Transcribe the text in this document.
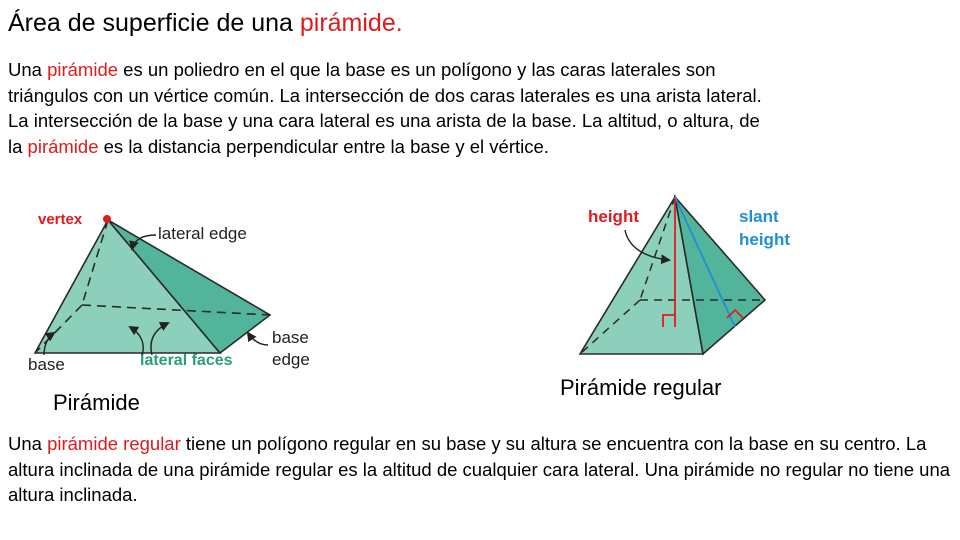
Área de superficie de una pirámide.

Una pirámide es un poliedro en el que la base es un polígono y las caras laterales son triángulos con un vértice común. La intersección de dos caras laterales es una arista lateral. La intersección de la base y una cara lateral es una arista de la base. La altitud, o altura, de la pirámide es la distancia perpendicular entre la base y el vértice.

vertex
lateral edge
base
edge
base	lateral faces

Pirámide

height	slant
height

Pirámide regular

Una pirámide regular tiene un polígono regular en su base y su altura se encuentra con la base en su centro. La altura inclinada de una pirámide regular es la altitud de cualquier cara lateral. Una pirámide no regular no tiene una altura inclinada.
